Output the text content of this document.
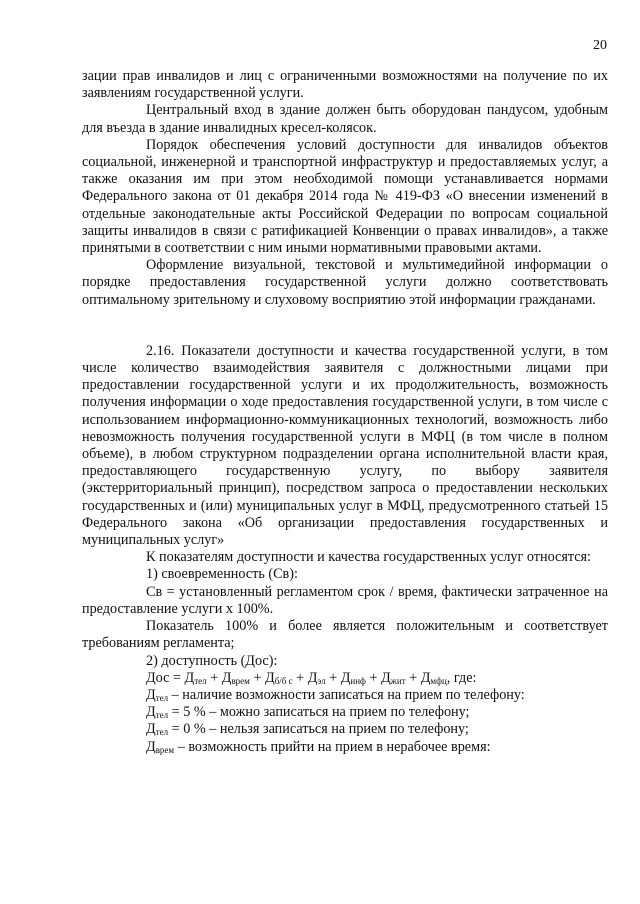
20

зации прав инвалидов и лиц с ограниченными возможностями на получение по их заявлениям государственной услуги.

Центральный вход в здание должен быть оборудован пандусом, удобным для въезда в здание инвалидных кресел-колясок.

Порядок обеспечения условий доступности для инвалидов объектов социальной, инженерной и транспортной инфраструктур и предоставляемых услуг, а также оказания им при этом необходимой помощи устанавливается нормами Федерального закона от 01 декабря 2014 года № 419-ФЗ «О внесении изменений в отдельные законодательные акты Российской Федерации по вопросам социальной защиты инвалидов в связи с ратификацией Конвенции о правах инвалидов», а также принятыми в соответствии с ним иными нормативными правовыми актами.

Оформление визуальной, текстовой и мультимедийной информации о порядке предоставления государственной услуги должно соответствовать оптимальному зрительному и слуховому восприятию этой информации гражданами.

2.16. Показатели доступности и качества государственной услуги, в том числе количество взаимодействия заявителя с должностными лицами при предоставлении государственной услуги и их продолжительность, возможность получения информации о ходе предоставления государственной услуги, в том числе с использованием информационно-коммуникационных технологий, возможность либо невозможность получения государственной услуги в МФЦ (в том числе в полном объеме), в любом структурном подразделении органа исполнительной власти края, предоставляющего государственную услугу, по выбору заявителя (экстерриториальный принцип), посредством запроса о предоставлении нескольких государственных и (или) муниципальных услуг в МФЦ, предусмотренного статьей 15 Федерального закона «Об организации предоставления государственных и муниципальных услуг»

К показателям доступности и качества государственных услуг относятся:

1) своевременность (Св):

Св = установленный регламентом срок / время, фактически затраченное на предоставление услуги х 100%.

Показатель 100% и более является положительным и соответствует требованиям регламента;

2) доступность (Дос):

Дос = $Д_{тел} + Д_{врем} + Д_{б/б с} + Д_{эл} + Д_{инф} + Д_{жит} + Д_{мфц}$, где:

$Д_{тел}$ – наличие возможности записаться на прием по телефону:

$Д_{тел} = 5$ % – можно записаться на прием по телефону;

$Д_{тел} = 0$ % – нельзя записаться на прием по телефону;

$Д_{врем}$ – возможность прийти на прием в нерабочее время:
